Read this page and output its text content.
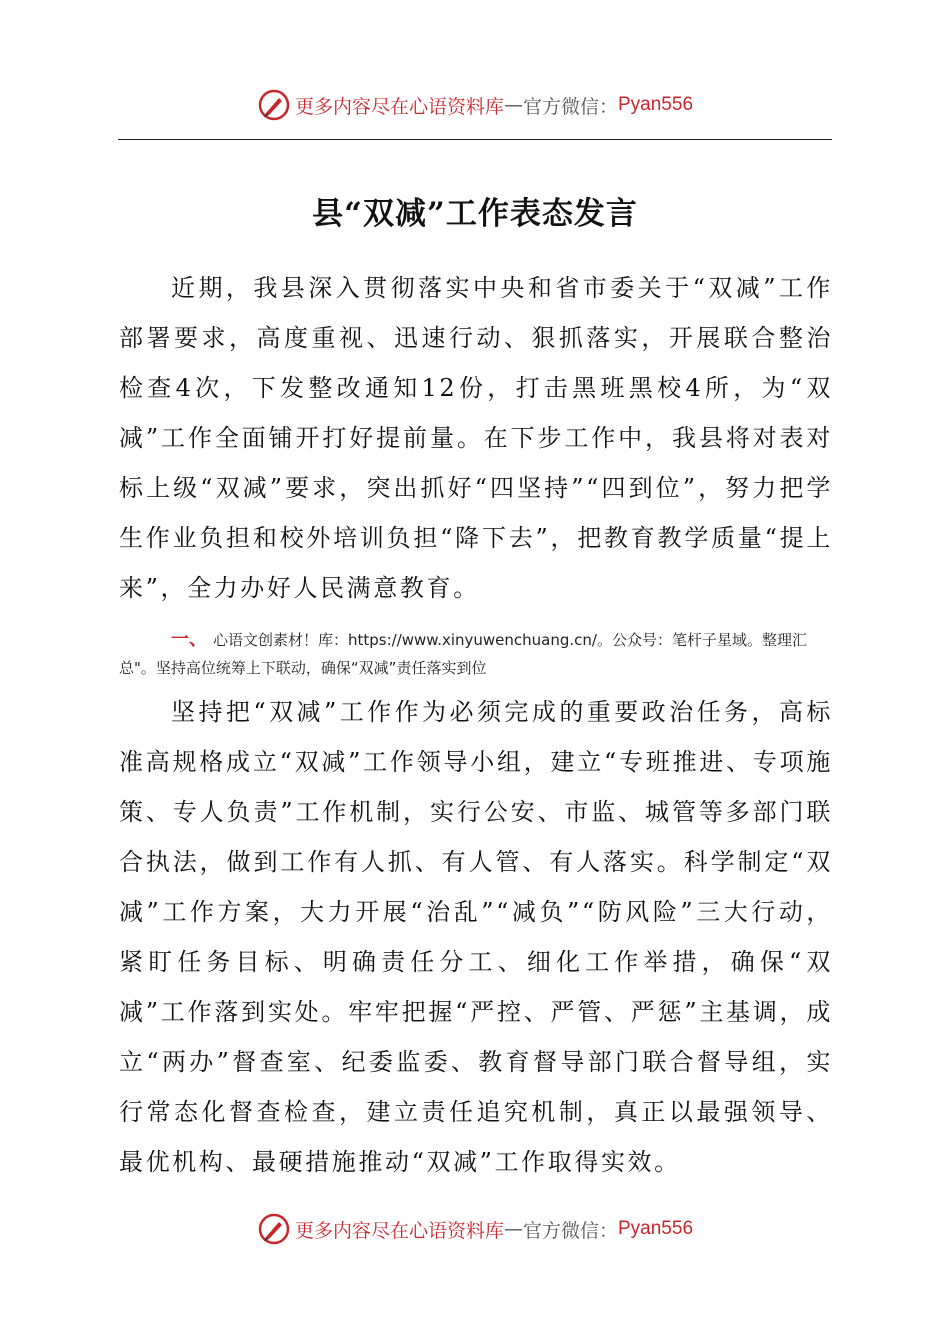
更多内容尽在心语资料库 — 官方微信： Pyan556
县“双减”工作表态发言

近期，我县深入贯彻落实中央和省市委关于“双减”工作部署要求，高度重视、迅速行动、狠抓落实，开展联合整治检查4次，下发整改通知12份，打击黑班黑校4所，为“双减”工作全面铺开打好提前量。在下步工作中，我县将对表对标上级“双减”要求，突出抓好“四坚持”“四到位”，努力把学生作业负担和校外培训负担“降下去”，把教育教学质量“提上来”，全力办好人民满意教育。

一、 心语文创素材！库：https://www.xinyuwenchuang.cn/。公众号：笔杆子星域。整理汇总"。坚持高位统筹上下联动，确保“双减”责任落实到位

坚持把“双减”工作作为必须完成的重要政治任务，高标准高规格成立“双减”工作领导小组，建立“专班推进、专项施策、专人负责”工作机制，实行公安、市监、城管等多部门联合执法，做到工作有人抓、有人管、有人落实。科学制定“双减”工作方案，大力开展“治乱”“减负”“防风险”三大行动，紧盯任务目标、明确责任分工、细化工作举措，确保“双减”工作落到实处。牢牢把握“严控、严管、严惩”主基调，成立“两办”督查室、纪委监委、教育督导部门联合督导组，实行常态化督查检查，建立责任追究机制，真正以最强领导、最优机构、最硬措施推动“双减”工作取得实效。

更多内容尽在心语资料库 — 官方微信： Pyan556
